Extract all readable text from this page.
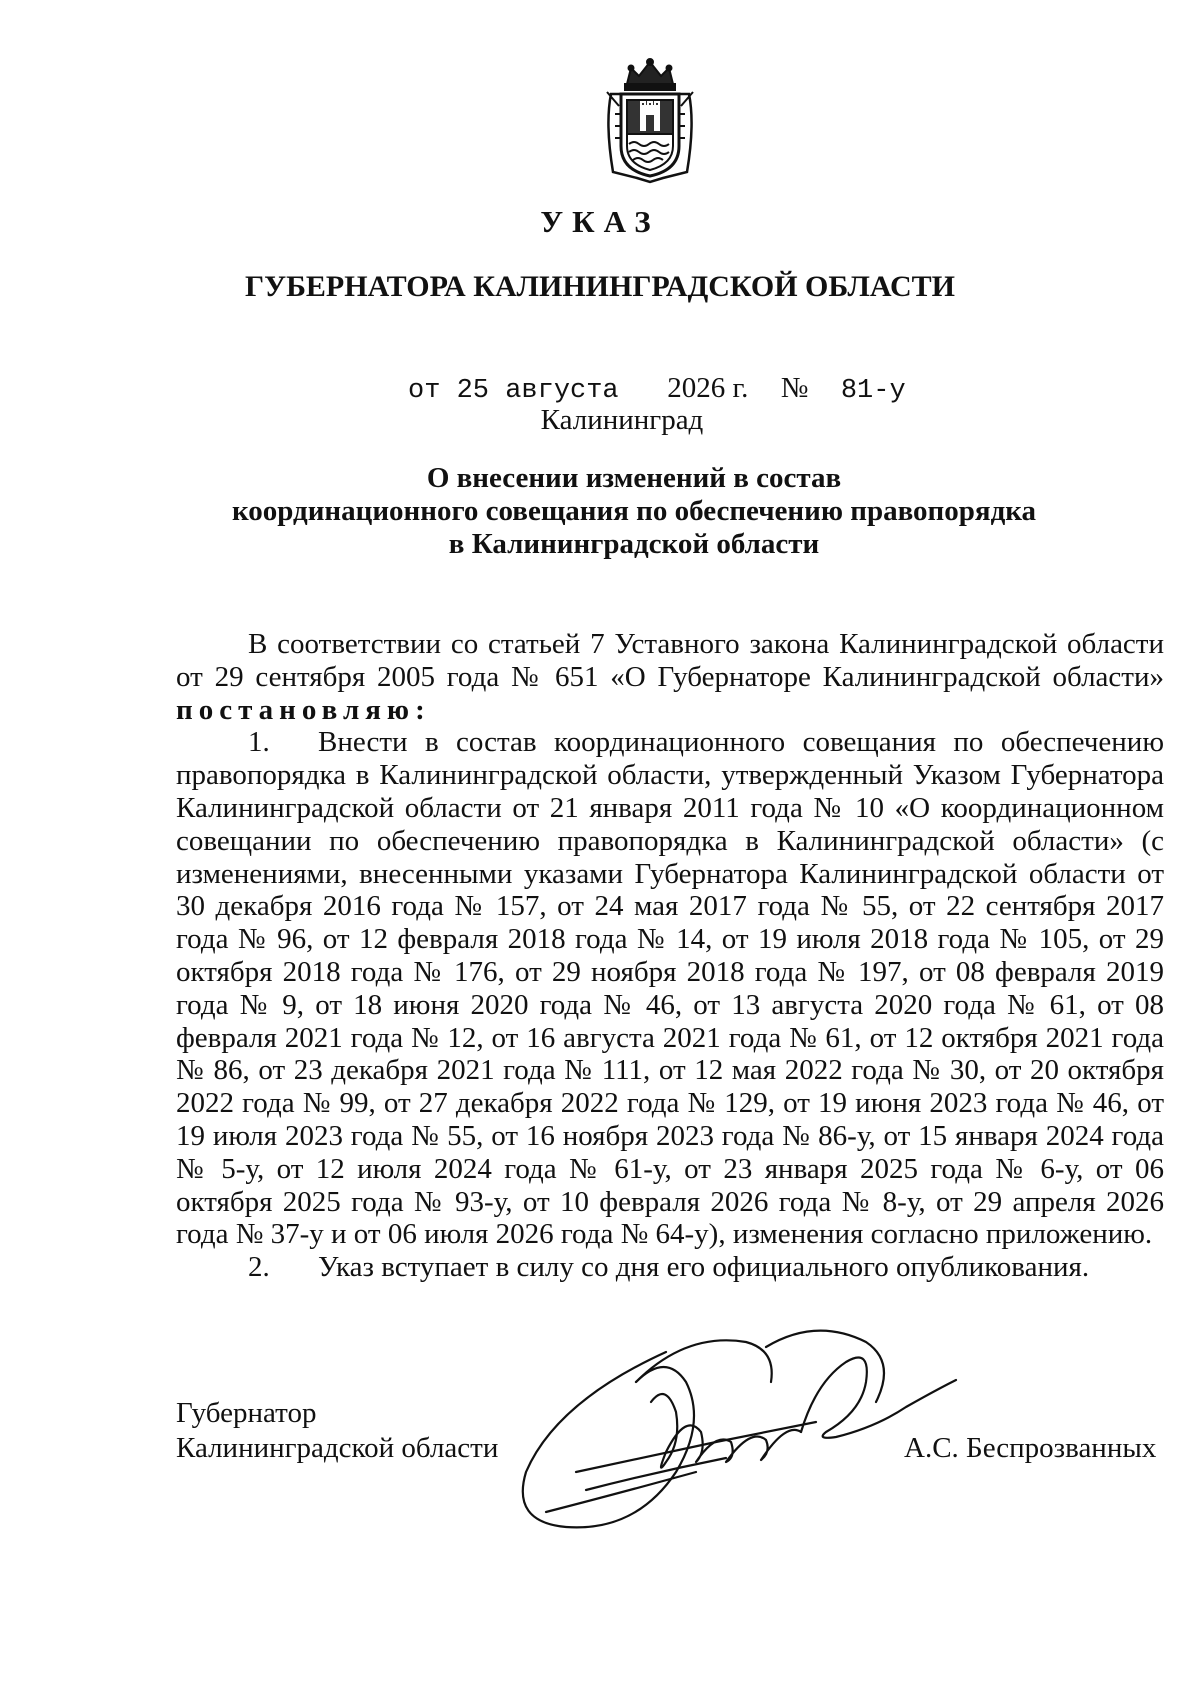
УКАЗ
ГУБЕРНАТОРА КАЛИНИНГРАДСКОЙ ОБЛАСТИ
от 25 августа 2026 г. № 81-у
Калининград
О внесении изменений в состав
координационного совещания по обеспечению правопорядка
в Калининградской области

В соответствии со статьей 7 Уставного закона Калининградской области от 29 сентября 2005 года № 651 «О Губернаторе Калининградской области» постановляю:

1. Внести в состав координационного совещания по обеспечению правопорядка в Калининградской области, утвержденный Указом Губернатора Калининградской области от 21 января 2011 года № 10 «О координационном совещании по обеспечению правопорядка в Калининградской области» (с изменениями, внесенными указами Губернатора Калининградской области от 30 декабря 2016 года № 157, от 24 мая 2017 года № 55, от 22 сентября 2017 года № 96, от 12 февраля 2018 года № 14, от 19 июля 2018 года № 105, от 29 октября 2018 года № 176, от 29 ноября 2018 года № 197, от 08 февраля 2019 года № 9, от 18 июня 2020 года № 46, от 13 августа 2020 года № 61, от 08 февраля 2021 года № 12, от 16 августа 2021 года № 61, от 12 октября 2021 года № 86, от 23 декабря 2021 года № 111, от 12 мая 2022 года № 30, от 20 октября 2022 года № 99, от 27 декабря 2022 года № 129, от 19 июня 2023 года № 46, от 19 июля 2023 года № 55, от 16 ноября 2023 года № 86-у, от 15 января 2024 года № 5-у, от 12 июля 2024 года № 61-у, от 23 января 2025 года № 6-у, от 06 октября 2025 года № 93-у, от 10 февраля 2026 года № 8-у, от 29 апреля 2026 года № 37-у и от 06 июля 2026 года № 64-у), изменения согласно приложению.

2. Указ вступает в силу со дня его официального опубликования.

Губернатор
Калининградской области	А.С. Беспрозванных
